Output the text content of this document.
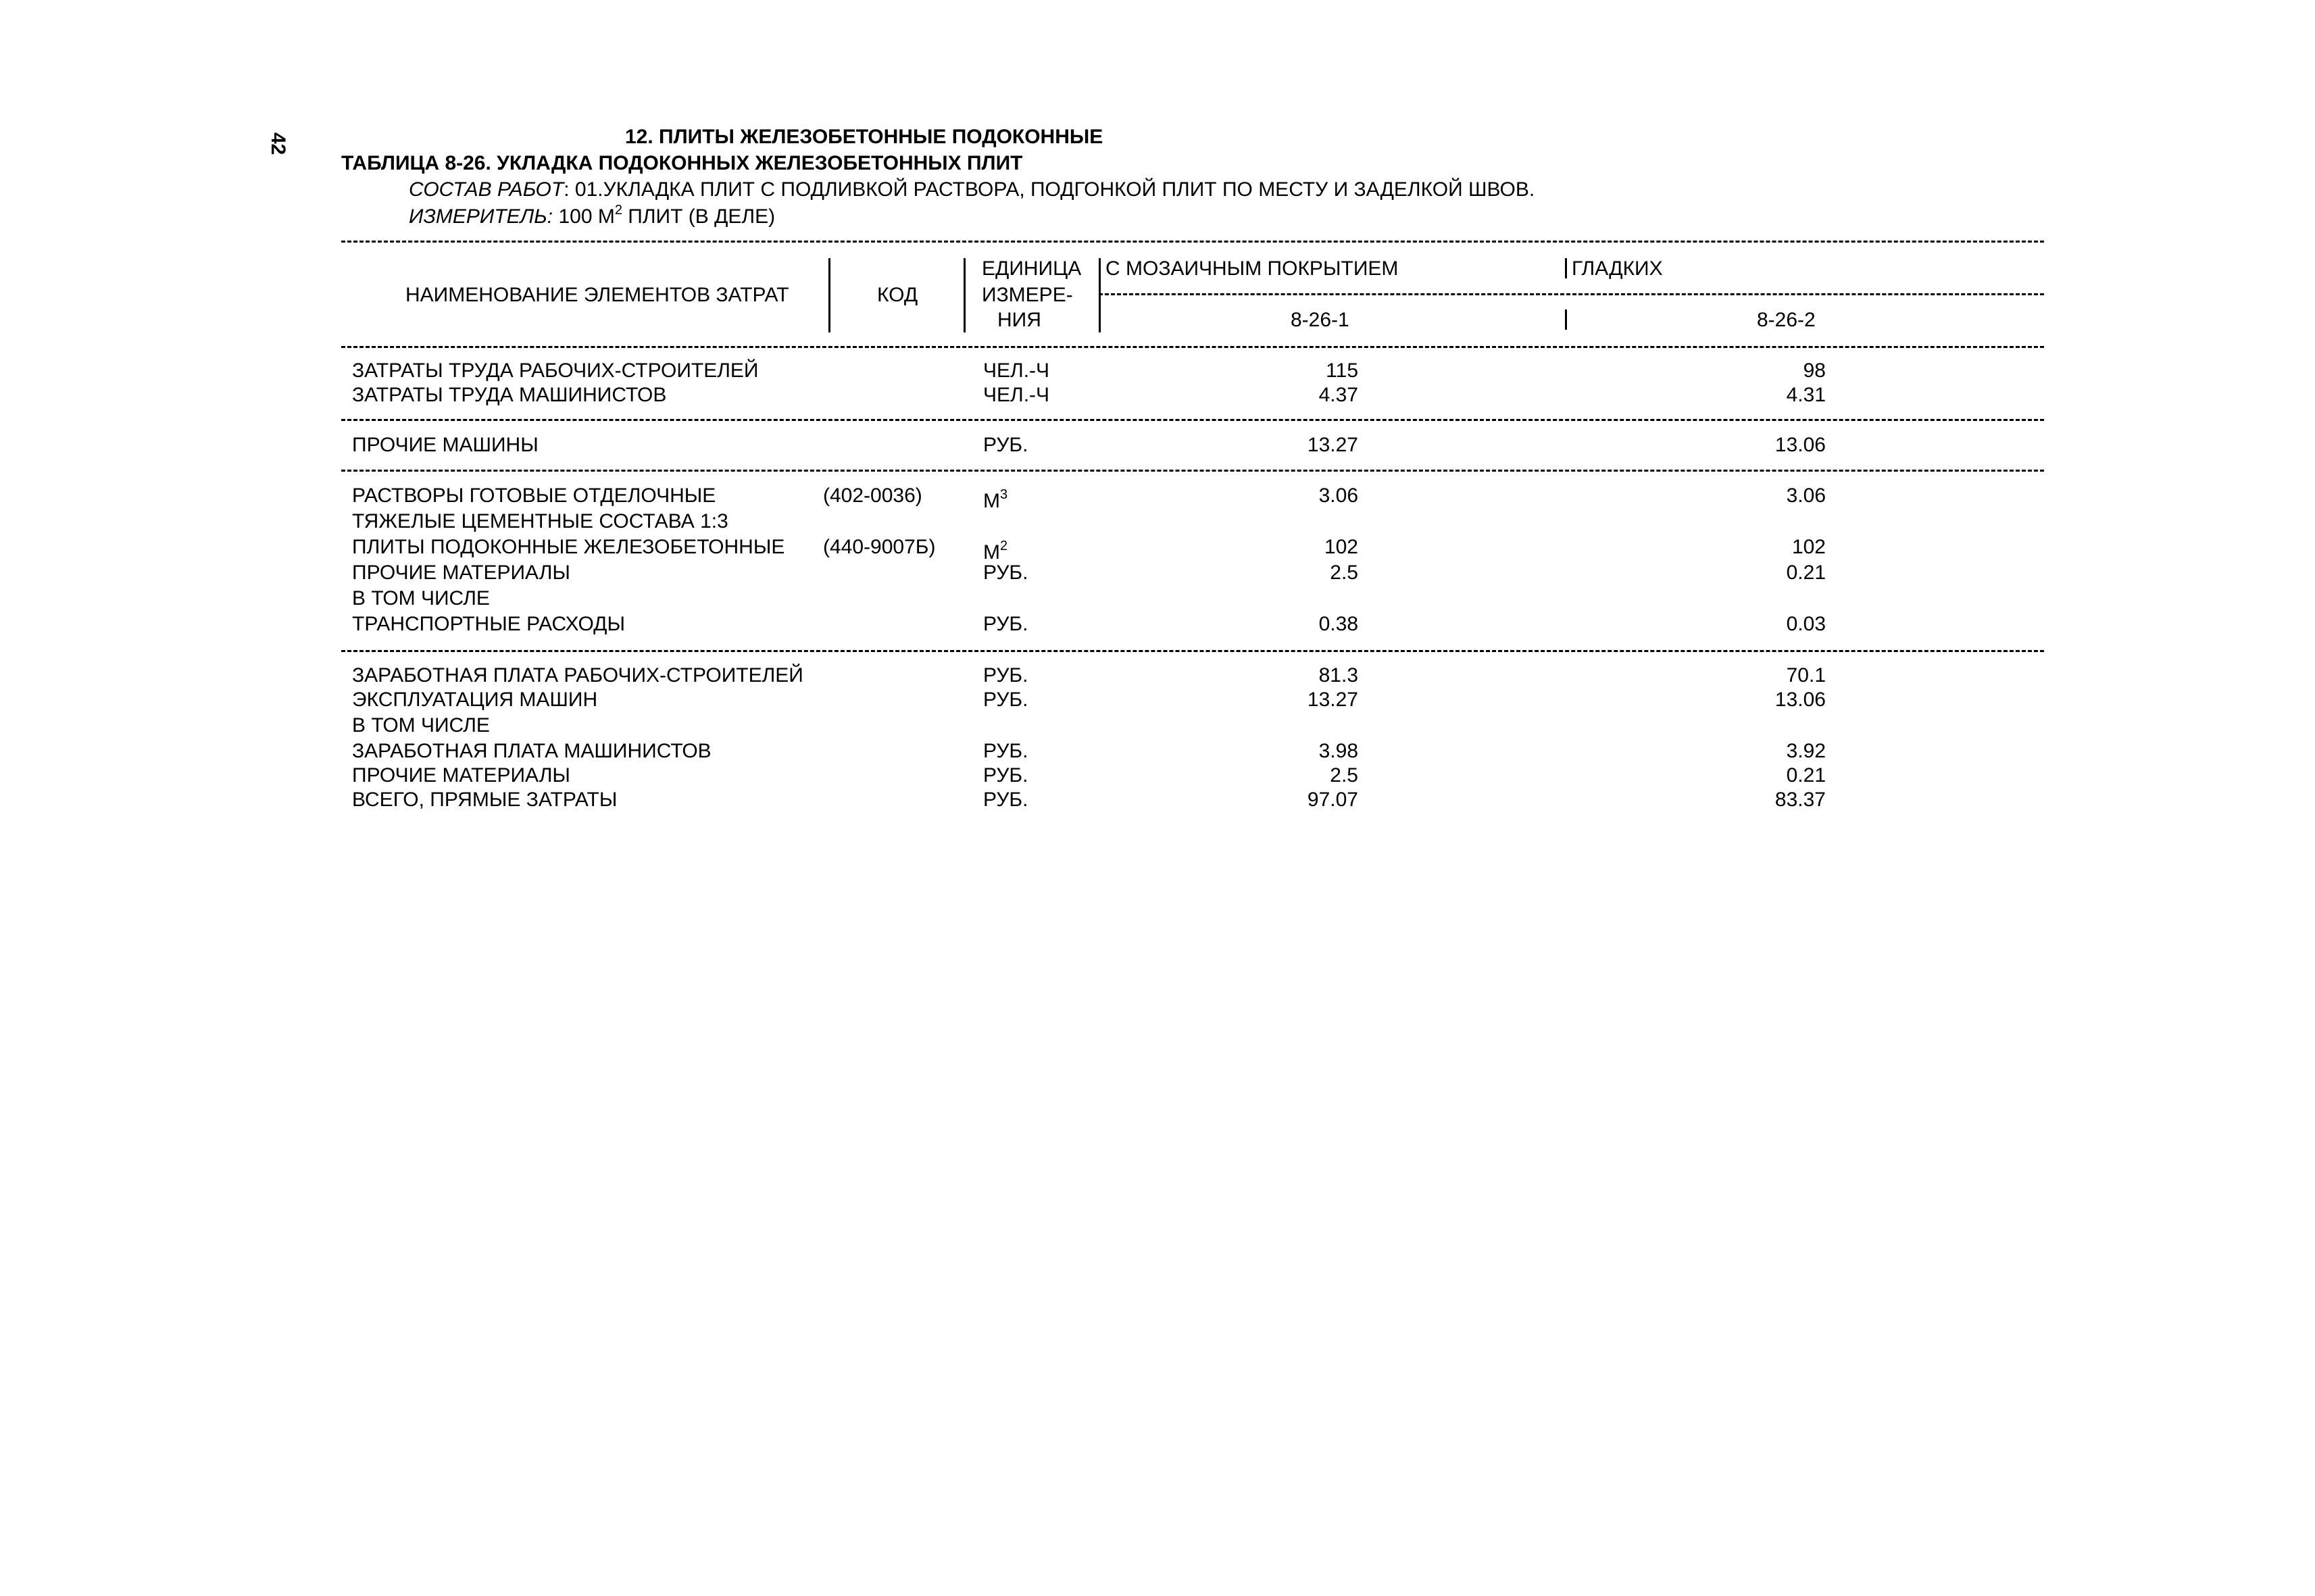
42	12. ПЛИТЫ ЖЕЛЕЗОБЕТОННЫЕ ПОДОКОННЫЕ
ТАБЛИЦА 8-26. УКЛАДКА ПОДОКОННЫХ ЖЕЛЕЗОБЕТОННЫХ ПЛИТ
СОСТАВ РАБОТ: 01.УКЛАДКА ПЛИТ С ПОДЛИВКОЙ РАСТВОРА, ПОДГОНКОЙ ПЛИТ ПО МЕСТУ И ЗАДЕЛКОЙ ШВОВ.
ИЗМЕРИТЕЛЬ: 100 $М^2$ ПЛИТ (В ДЕЛЕ)
НАИМЕНОВАНИЕ ЭЛЕМЕНТОВ ЗАТРАТ	КОД
ЕДИНИЦА
ИЗМЕРЕ-
НИЯ
С МОЗАИЧНЫМ ПОКРЫТИЕМ	ГЛАДКИХ
8-26-1	8-26-2
ЗАТРАТЫ ТРУДА РАБОЧИХ-СТРОИТЕЛЕЙ	ЧЕЛ.-Ч	115	98
ЗАТРАТЫ ТРУДА МАШИНИСТОВ	ЧЕЛ.-Ч	4.37	4.31
ПРОЧИЕ МАШИНЫ	РУБ.	13.27	13.06
РАСТВОРЫ ГОТОВЫЕ ОТДЕЛОЧНЫЕ	(402-0036)	$М^3$	3.06	3.06
ТЯЖЕЛЫЕ ЦЕМЕНТНЫЕ СОСТАВА 1:3
ПЛИТЫ ПОДОКОННЫЕ ЖЕЛЕЗОБЕТОННЫЕ (440-9007Б) $М^2$	102	102
ПРОЧИЕ МАТЕРИАЛЫ	РУБ.	2.5	0.21
В ТОМ ЧИСЛЕ
ТРАНСПОРТНЫЕ РАСХОДЫ	РУБ.	0.38	0.03
ЗАРАБОТНАЯ ПЛАТА РАБОЧИХ-СТРОИТЕЛЕЙ	РУБ.	81.3	70.1
ЭКСПЛУАТАЦИЯ МАШИН	РУБ.	13.27	13.06
В ТОМ ЧИСЛЕ
ЗАРАБОТНАЯ ПЛАТА МАШИНИСТОВ	РУБ.	3.98	3.92
ПРОЧИЕ МАТЕРИАЛЫ	РУБ.	2.5	0.21
ВСЕГО, ПРЯМЫЕ ЗАТРАТЫ	РУБ.	97.07	83.37
